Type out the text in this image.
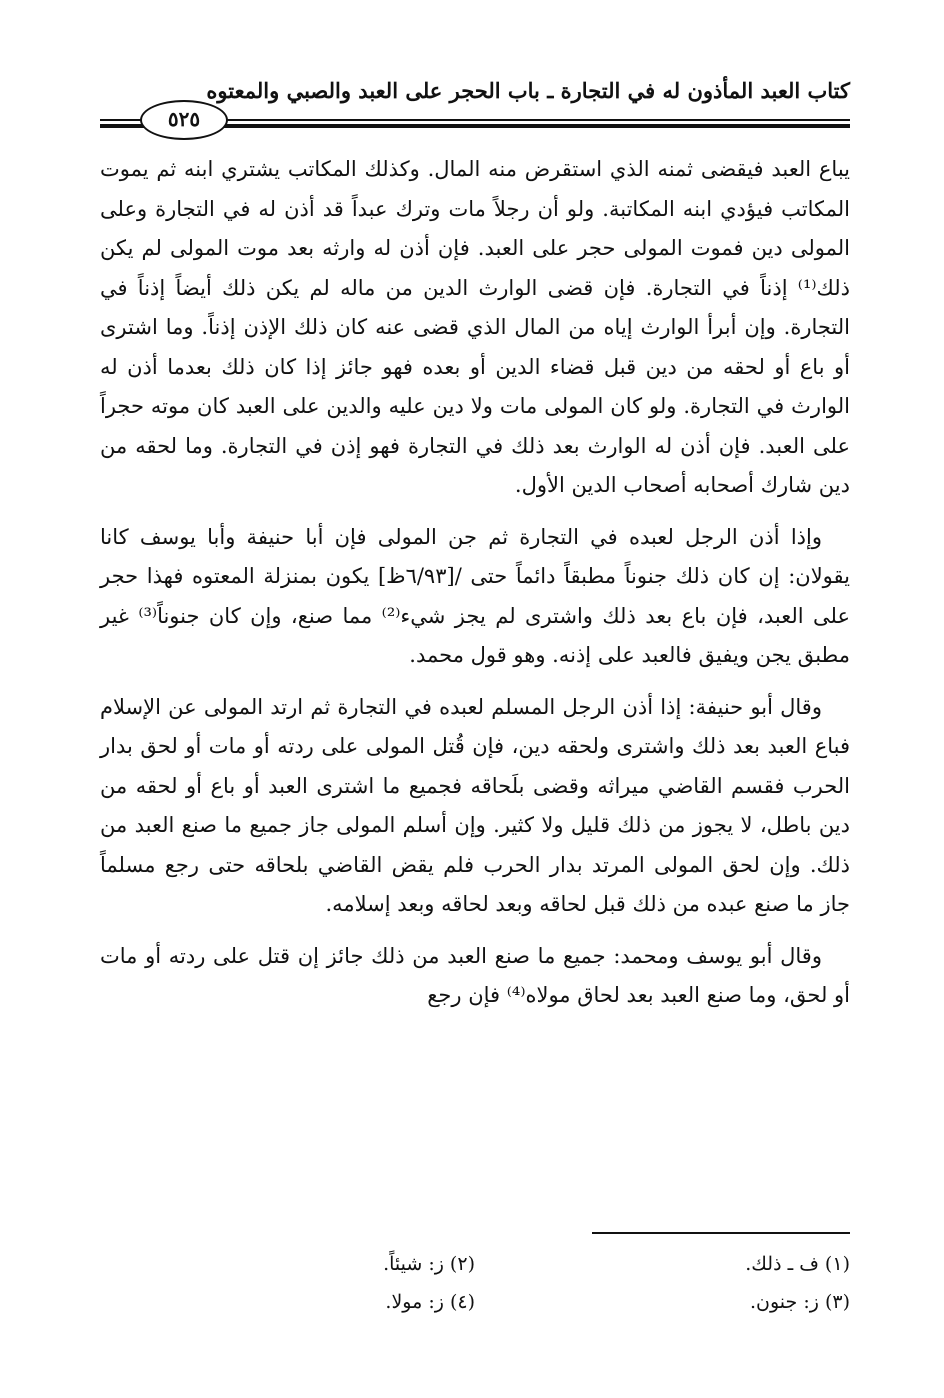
كتاب العبد المأذون له في التجارة ـ باب الحجر على العبد والصبي والمعتوه
٥٢٥

يباع العبد فيقضى ثمنه الذي استقرض منه المال. وكذلك المكاتب يشتري ابنه ثم يموت المكاتب فيؤدي ابنه المكاتبة. ولو أن رجلاً مات وترك عبداً قد أذن له في التجارة وعلى المولى دين فموت المولى حجر على العبد. فإن أذن له وارثه بعد موت المولى لم يكن ذلك⁽¹⁾ إذناً في التجارة. فإن قضى الوارث الدين من ماله لم يكن ذلك أيضاً إذناً في التجارة. وإن أبرأ الوارث إياه من المال الذي قضى عنه كان ذلك الإذن إذناً. وما اشترى أو باع أو لحقه من دين قبل قضاء الدين أو بعده فهو جائز إذا كان ذلك بعدما أذن له الوارث في التجارة. ولو كان المولى مات ولا دين عليه والدين على العبد كان موته حجراً على العبد. فإن أذن له الوارث بعد ذلك في التجارة فهو إذن في التجارة. وما لحقه من دين شارك أصحابه أصحاب الدين الأول.

وإذا أذن الرجل لعبده في التجارة ثم جن المولى فإن أبا حنيفة وأبا يوسف كانا يقولان: إن كان ذلك جنوناً مطبقاً دائماً حتى /[٦/٩٣ظ] يكون بمنزلة المعتوه فهذا حجر على العبد، فإن باع بعد ذلك واشترى لم يجز شيء⁽²⁾ مما صنع، وإن كان جنوناً⁽³⁾ غير مطبق يجن ويفيق فالعبد على إذنه. وهو قول محمد.

وقال أبو حنيفة: إذا أذن الرجل المسلم لعبده في التجارة ثم ارتد المولى عن الإسلام فباع العبد بعد ذلك واشترى ولحقه دين، فإن قُتل المولى على ردته أو مات أو لحق بدار الحرب فقسم القاضي ميراثه وقضى بلَحاقه فجميع ما اشترى العبد أو باع أو لحقه من دين باطل، لا يجوز من ذلك قليل ولا كثير. وإن أسلم المولى جاز جميع ما صنع العبد من ذلك. وإن لحق المولى المرتد بدار الحرب فلم يقض القاضي بلحاقه حتى رجع مسلماً جاز ما صنع عبده من ذلك قبل لحاقه وبعد لحاقه وبعد إسلامه.

وقال أبو يوسف ومحمد: جميع ما صنع العبد من ذلك جائز إن قتل على ردته أو مات أو لحق، وما صنع العبد بعد لحاق مولاه⁽⁴⁾ فإن رجع

(١) ف ـ ذلك.
(٢) ز: شيئاً.
(٣) ز: جنون.
(٤) ز: مولا.
